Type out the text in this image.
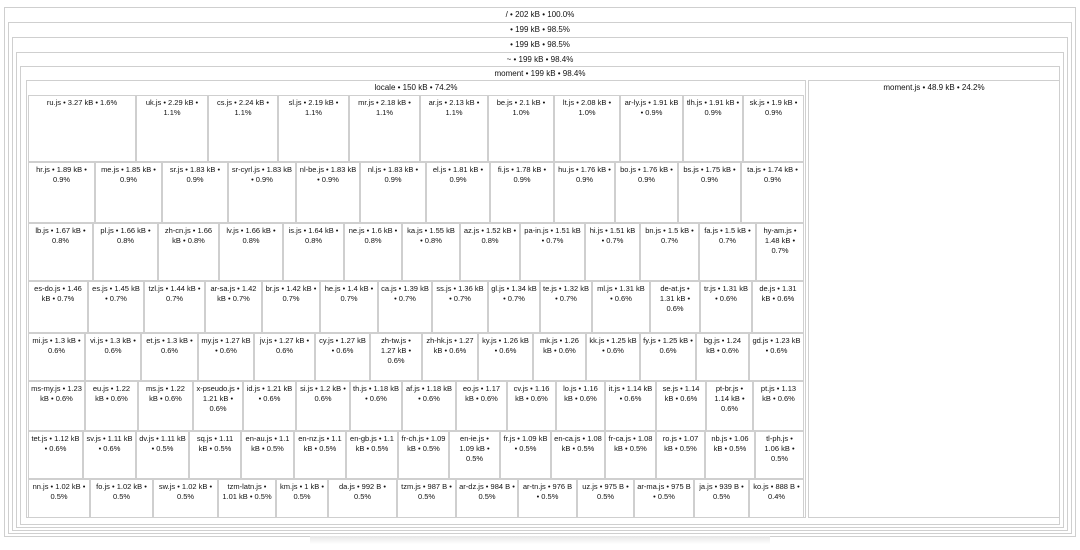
/ • 202 kB • 100.0%
• 199 kB • 98.5%
• 199 kB • 98.5%
~ • 199 kB • 98.4%
moment • 199 kB • 98.4%
locale • 150 kB • 74.2%	moment.js • 48.9 kB • 24.2%
ru.js • 3.27 kB • 1.6%	uk.js • 2.29 kB • 1.1%
cs.js • 2.24 kB • 1.1%
sl.js • 2.19 kB • 1.1%
mr.js • 2.18 kB • 1.1%
ar.js • 2.13 kB • 1.1%
be.js • 2.1 kB • 1.0%
lt.js • 2.08 kB • 1.0%
ar-ly.js • 1.91 kB • 0.9%
tlh.js • 1.91 kB • 0.9%
sk.js • 1.9 kB • 0.9%
hr.js • 1.89 kB • 0.9%
me.js • 1.85 kB • 0.9%
sr.js • 1.83 kB • 0.9%
sr-cyrl.js • 1.83 kB • 0.9%
nl-be.js • 1.83 kB • 0.9%
nl.js • 1.83 kB • 0.9%
el.js • 1.81 kB • 0.9%
fi.js • 1.78 kB • 0.9%
hu.js • 1.76 kB • 0.9%
bo.js • 1.76 kB • 0.9%
bs.js • 1.75 kB • 0.9%
ta.js • 1.74 kB • 0.9%
lb.js • 1.67 kB • 0.8%
pl.js • 1.66 kB • 0.8%
zh-cn.js • 1.66 kB • 0.8%
lv.js • 1.66 kB • 0.8%
is.js • 1.64 kB • 0.8%
ne.js • 1.6 kB • 0.8%
ka.js • 1.55 kB • 0.8%
az.js • 1.52 kB • 0.8%
pa-in.js • 1.51 kB • 0.7%
hi.js • 1.51 kB • 0.7%
bn.js • 1.5 kB • 0.7%
fa.js • 1.5 kB • 0.7%
hy-am.js • 1.48 kB • 0.7%
es-do.js • 1.46 kB • 0.7%
es.js • 1.45 kB • 0.7%
tzl.js • 1.44 kB • 0.7%
ar-sa.js • 1.42 kB • 0.7%
br.js • 1.42 kB • 0.7%
he.js • 1.4 kB • 0.7%
ca.js • 1.39 kB • 0.7%
ss.js • 1.36 kB • 0.7%
gl.js • 1.34 kB • 0.7%
te.js • 1.32 kB • 0.7%
ml.js • 1.31 kB • 0.6%
de-at.js • 1.31 kB • 0.6%
tr.js • 1.31 kB • 0.6%
de.js • 1.31 kB • 0.6%
mi.js • 1.3 kB • 0.6%
vi.js • 1.3 kB • 0.6%
et.js • 1.3 kB • 0.6%
my.js • 1.27 kB • 0.6%
jv.js • 1.27 kB • 0.6%
cy.js • 1.27 kB • 0.6%
zh-tw.js • 1.27 kB • 0.6%
zh-hk.js • 1.27 kB • 0.6%
ky.js • 1.26 kB • 0.6%
mk.js • 1.26 kB • 0.6%
kk.js • 1.25 kB • 0.6%
fy.js • 1.25 kB • 0.6%
bg.js • 1.24 kB • 0.6%
gd.js • 1.23 kB • 0.6%
ms-my.js • 1.23 kB • 0.6%
eu.js • 1.22 kB • 0.6%
ms.js • 1.22 kB • 0.6%
x-pseudo.js • 1.21 kB • 0.6%
id.js • 1.21 kB • 0.6%
si.js • 1.2 kB • 0.6%
th.js • 1.18 kB • 0.6%
af.js • 1.18 kB • 0.6%
eo.js • 1.17 kB • 0.6%
cv.js • 1.16 kB • 0.6%
lo.js • 1.16 kB • 0.6%
it.js • 1.14 kB • 0.6%
se.js • 1.14 kB • 0.6%
pt-br.js • 1.14 kB • 0.6%
pt.js • 1.13 kB • 0.6%
tet.js • 1.12 kB • 0.6%
sv.js • 1.11 kB • 0.6%
dv.js • 1.11 kB • 0.5%
sq.js • 1.11 kB • 0.5%
en-au.js • 1.1 kB • 0.5%
en-nz.js • 1.1 kB • 0.5%
en-gb.js • 1.1 kB • 0.5%
fr-ch.js • 1.09 kB • 0.5%
en-ie.js • 1.09 kB • 0.5%
fr.js • 1.09 kB • 0.5%
en-ca.js • 1.08 kB • 0.5%
fr-ca.js • 1.08 kB • 0.5%
ro.js • 1.07 kB • 0.5%
nb.js • 1.06 kB • 0.5%
tl-ph.js • 1.06 kB • 0.5%
nn.js • 1.02 kB • 0.5%
fo.js • 1.02 kB • 0.5%
sw.js • 1.02 kB • 0.5%
tzm-latn.js • 1.01 kB • 0.5%
km.js • 1 kB • 0.5%
da.js • 992 B • 0.5%
tzm.js • 987 B • 0.5%
ar-dz.js • 984 B • 0.5%
ar-tn.js • 976 B • 0.5%
uz.js • 975 B • 0.5%
ar-ma.js • 975 B • 0.5%
ja.js • 939 B • 0.5%
ko.js • 888 B • 0.4%
